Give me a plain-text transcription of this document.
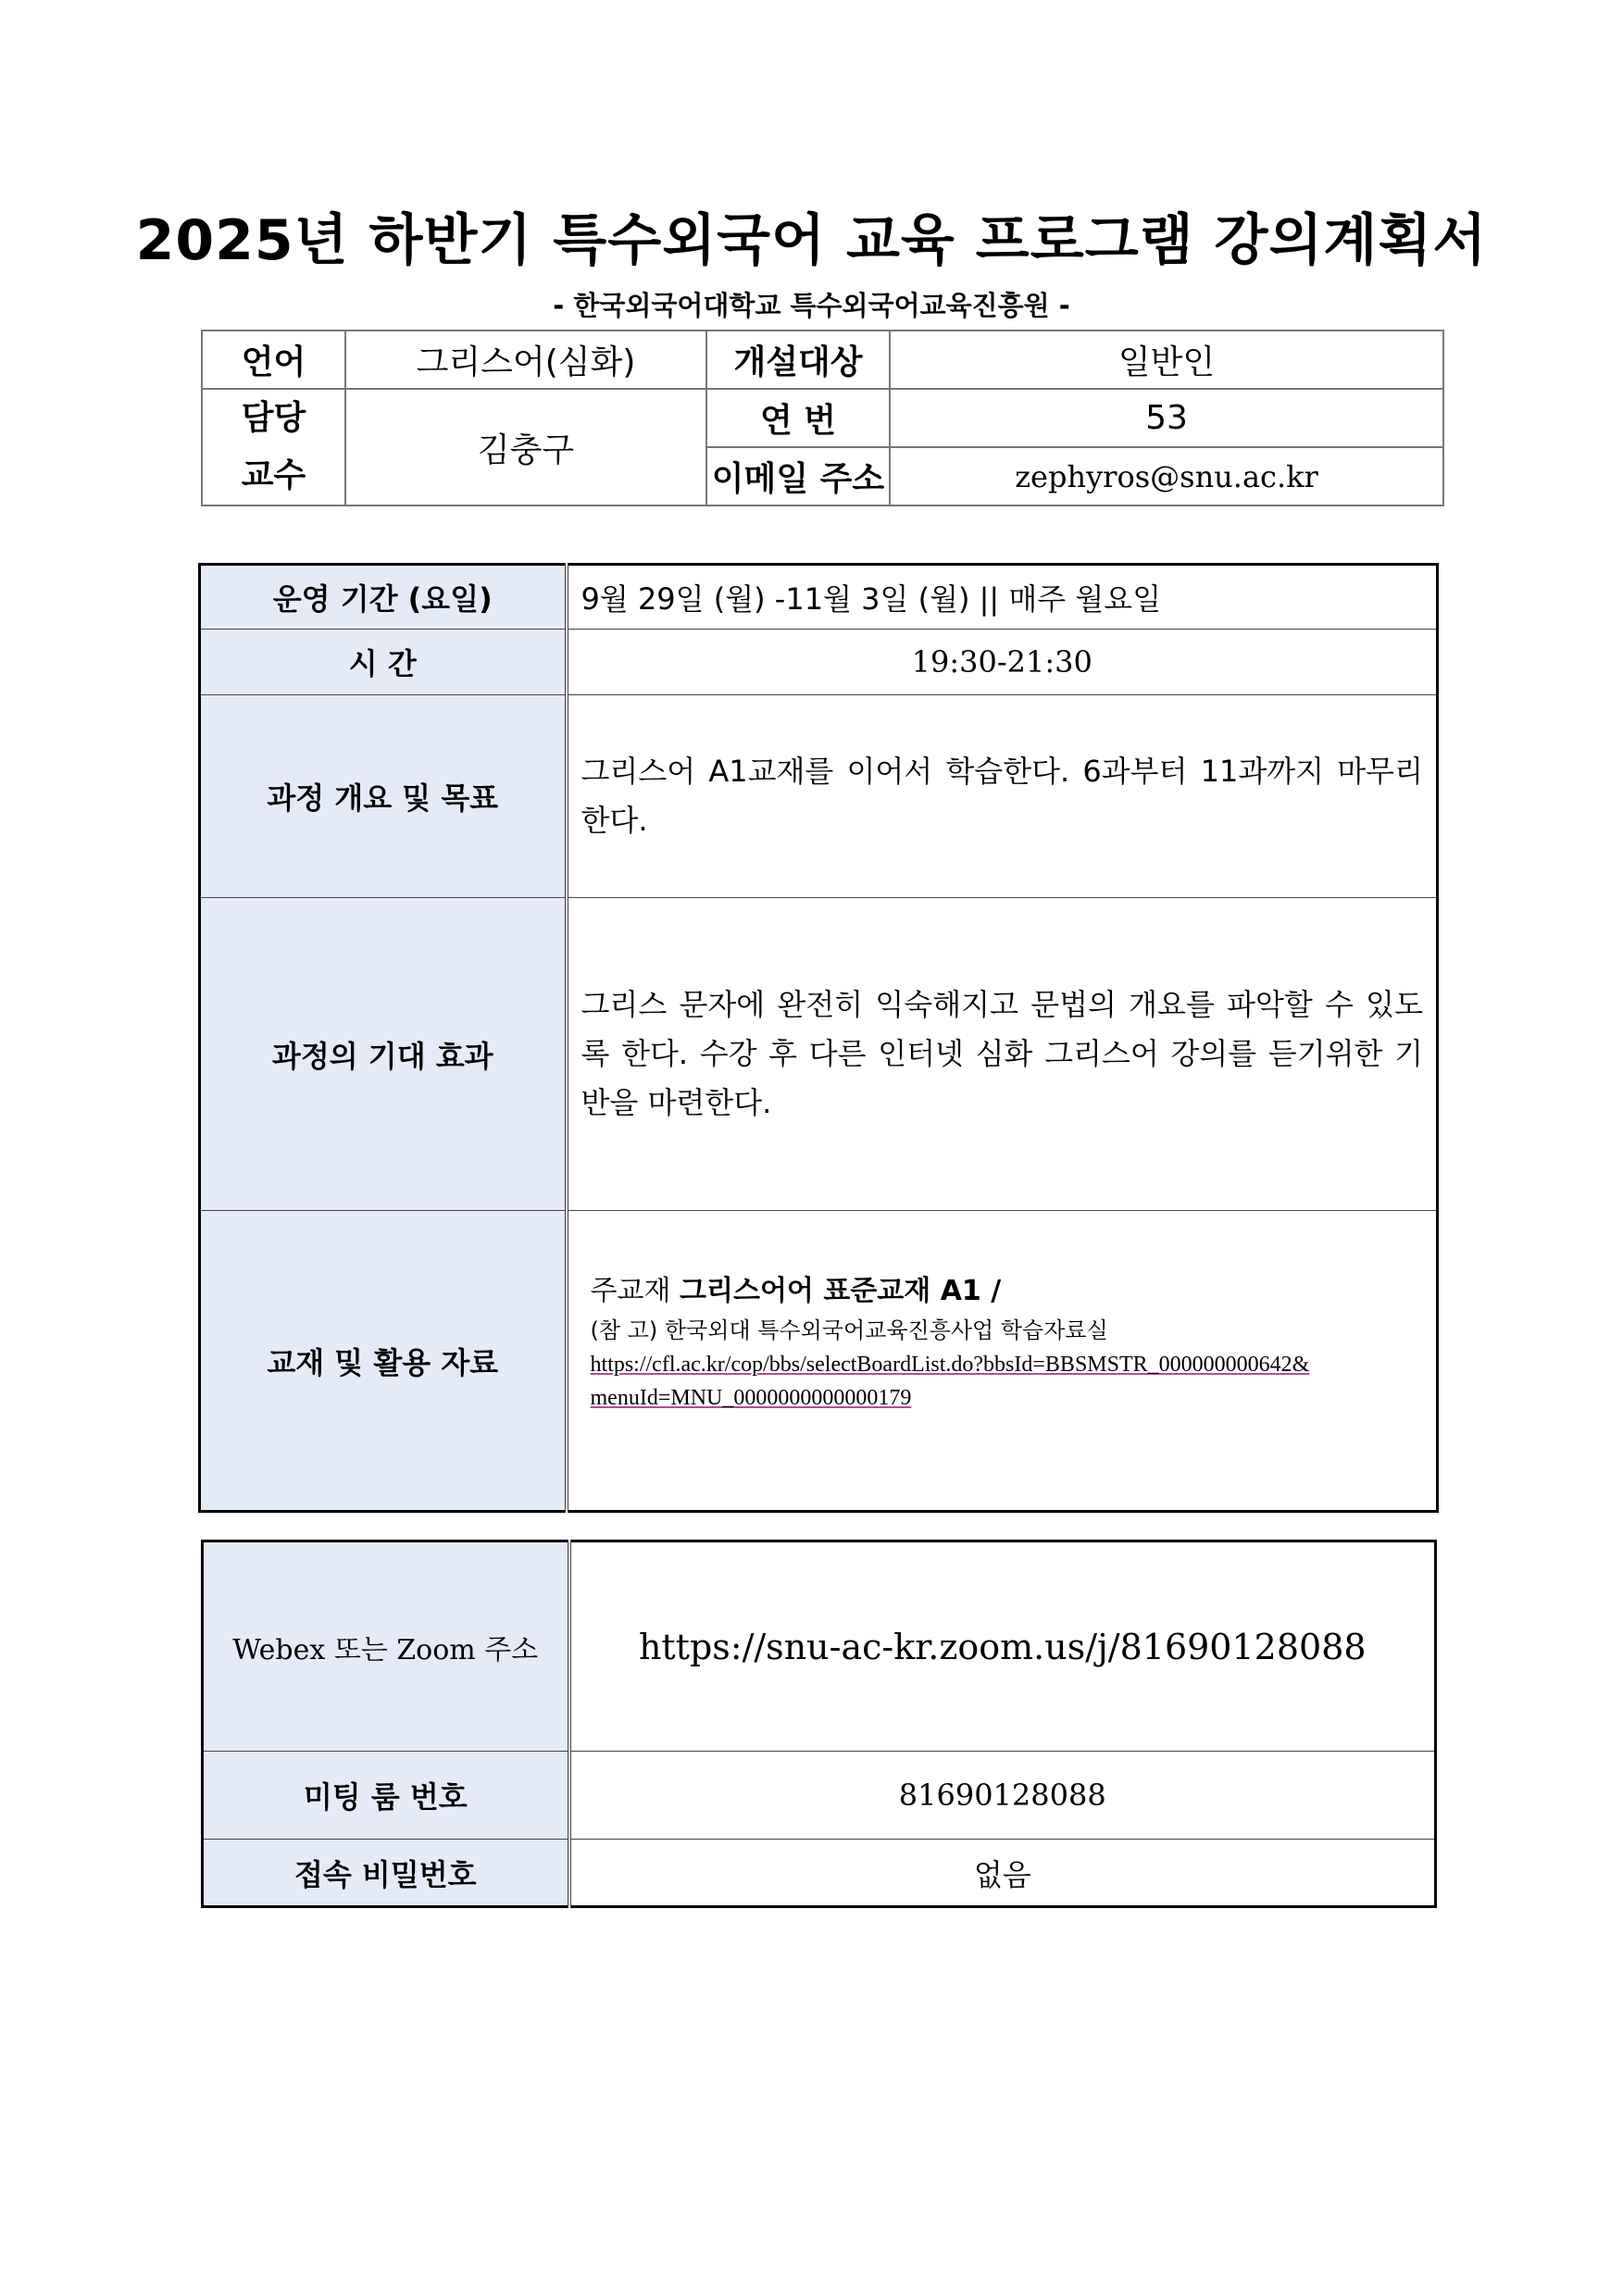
2025년 하반기 특수외국어 교육 프로그램 강의계획서
- 한국외국어대학교 특수외국어교육진흥원 -
언어	그리스어(심화)	개설대상	일반인
담당 교수	김충구	연 번	53
		이메일 주소	zephyros@snu.ac.kr
운영 기간 (요일)	9월 29일 (월) -11월 3일 (월) || 매주 월요일
시 간	19:30-21:30
과정 개요 및 목표	그리스어 A1교재를 이어서 학습한다. 6과부터 11과까지 마무리한다.
과정의 기대 효과	그리스 문자에 완전히 익숙해지고 문법의 개요를 파악할 수 있도록 한다. 수강 후 다른 인터넷 심화 그리스어 강의를 듣기위한 기반을 마련한다.
교재 및 활용 자료	주교재 그리스어어 표준교재 A1 /
(참 고) 한국외대 특수외국어교육진흥사업 학습자료실
https://cfl.ac.kr/cop/bbs/selectBoardList.do?bbsId=BBSMSTR_000000000642&
menuId=MNU_0000000000000179
Webex 또는 Zoom 주소	https://snu-ac-kr.zoom.us/j/81690128088
미팅 룸 번호	81690128088
접속 비밀번호	없음
